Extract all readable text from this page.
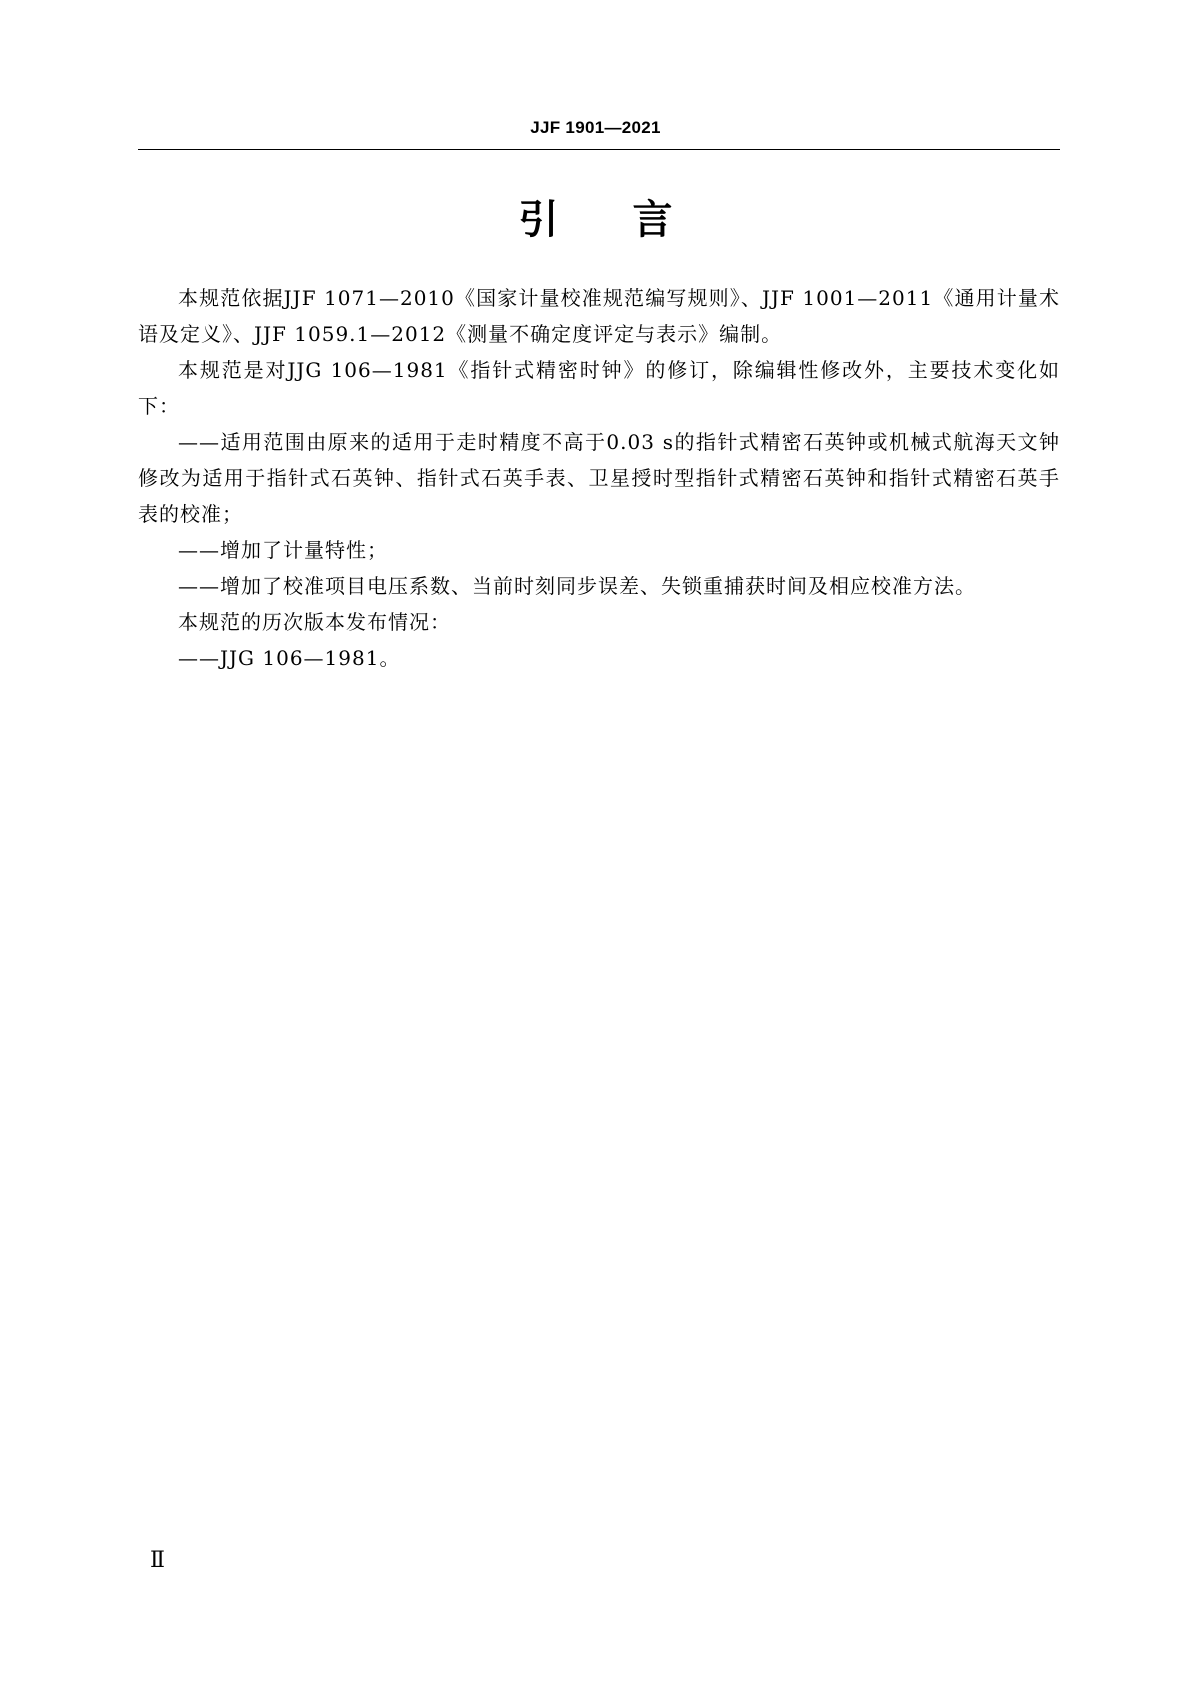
JJF 1901—2021
引 言

本规范依据JJF 1071—2010《国家计量校准规范编写规则》、JJF 1001—2011《通用计量术语及定义》、JJF 1059.1—2012《测量不确定度评定与表示》编制。

本规范是对JJG 106—1981《指针式精密时钟》的修订，除编辑性修改外，主要技术变化如下：

——适用范围由原来的适用于走时精度不高于0.03 s的指针式精密石英钟或机械式航海天文钟修改为适用于指针式石英钟、指针式石英手表、卫星授时型指针式精密石英钟和指针式精密石英手表的校准；

——增加了计量特性；

——增加了校准项目电压系数、当前时刻同步误差、失锁重捕获时间及相应校准方法。

本规范的历次版本发布情况：

——JJG 106—1981。

Ⅱ
